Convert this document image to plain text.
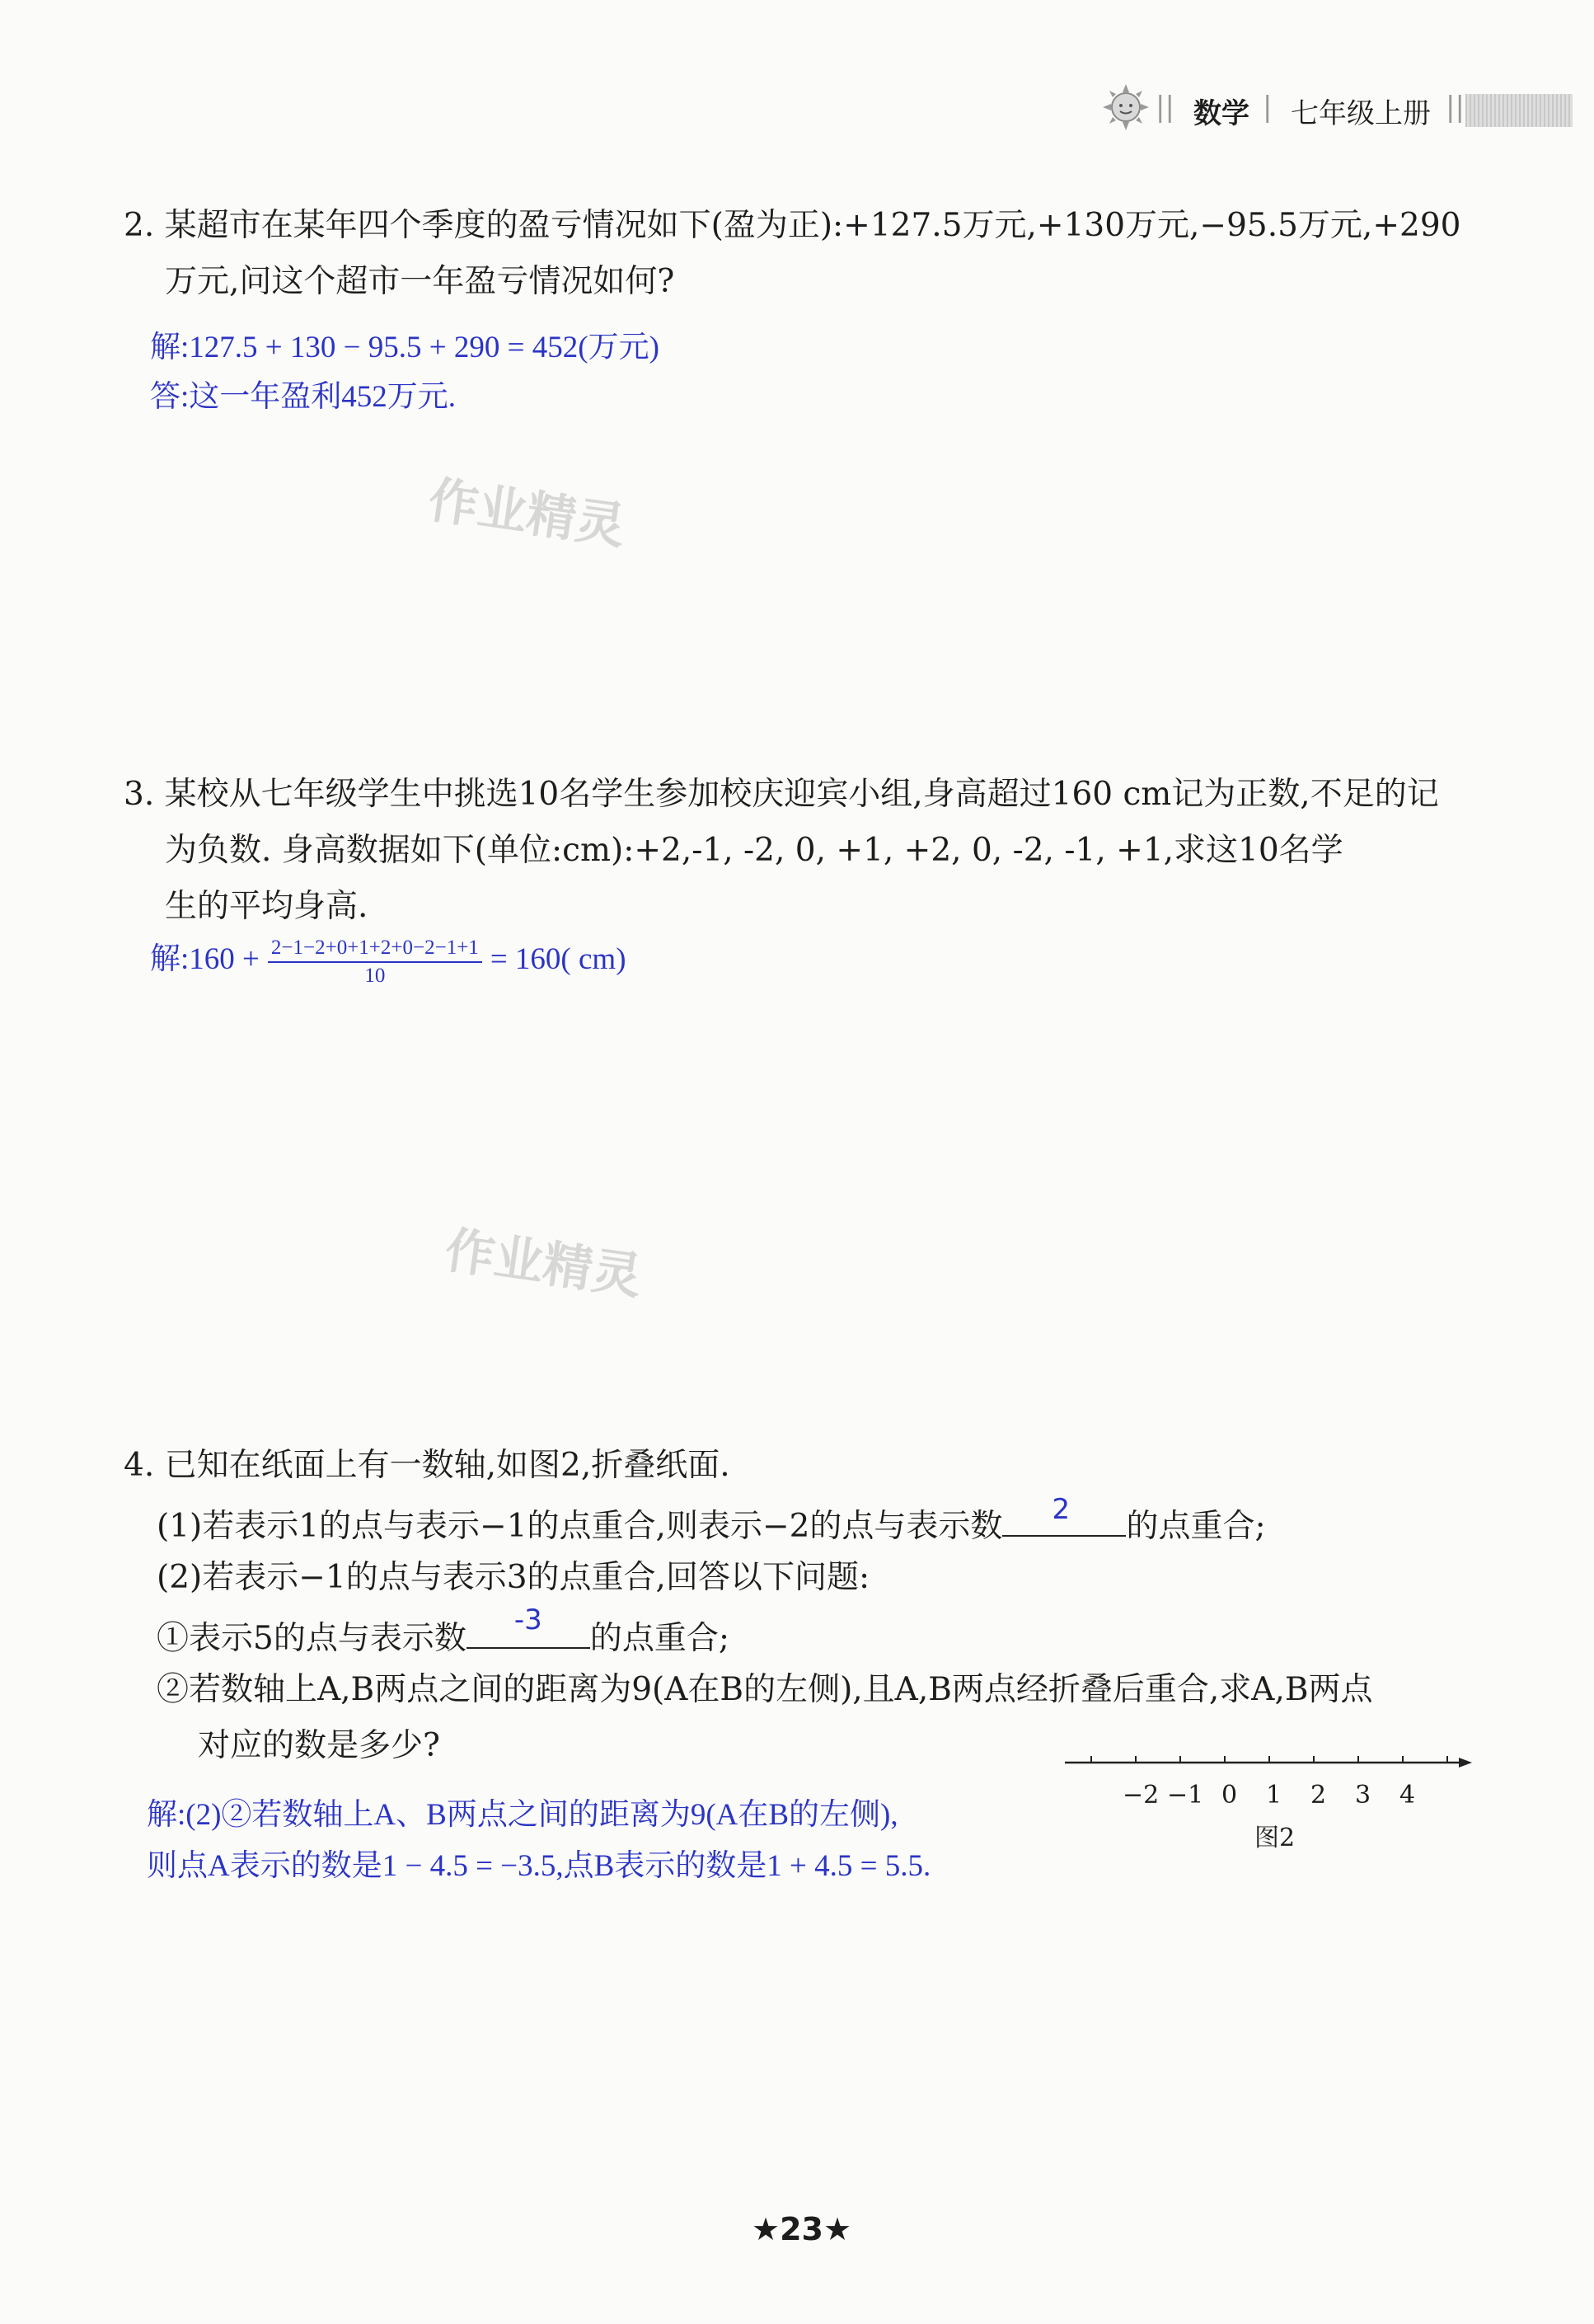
|| 数学 | 七年级上册 ||
2. 某超市在某年四个季度的盈亏情况如下(盈为正):+127.5万元,+130万元,−95.5万元,+290
万元,问这个超市一年盈亏情况如何?
解:127.5 + 130 − 95.5 + 290 = 452(万元)
答:这一年盈利452万元.
3. 某校从七年级学生中挑选10名学生参加校庆迎宾小组,身高超过160 cm记为正数,不足的记
为负数. 身高数据如下(单位:cm):+2,-1, -2, 0, +1, +2, 0, -2, -1, +1,求这10名学
生的平均身高.
解:160 + $\frac{2-1-2+0+1+2+0-2-1+1}{10} = 160$( cm)
作业精灵
作业精灵
4. 已知在纸面上有一数轴,如图2,折叠纸面.
(1)若表示1的点与表示−1的点重合,则表示−2的点与表示数 2 的点重合;
(2)若表示−1的点与表示3的点重合,回答以下问题:
①表示5的点与表示数 -3 的点重合;
②若数轴上A,B两点之间的距离为9(A在B的左侧),且A,B两点经折叠后重合,求A,B两点
对应的数是多少?
解:(2)②若数轴上A、B两点之间的距离为9(A在B的左侧),
则点A表示的数是1 − 4.5 = −3.5,点B表示的数是1 + 4.5 = 5.5.
−2 −1 0 1 2 3 4
图2
★23★
